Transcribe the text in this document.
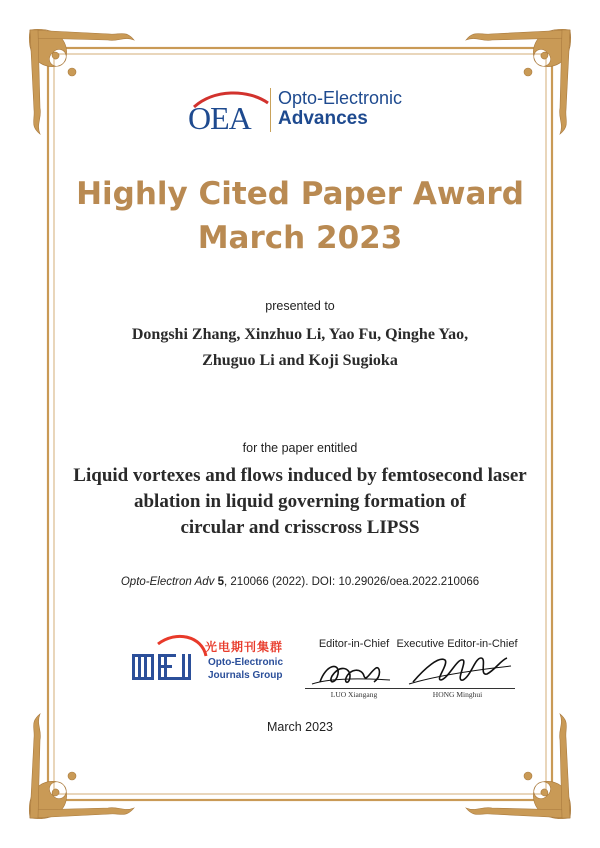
OEA
Opto-Electronic
Advances
Highly Cited Paper Award
March 2023
presented to
Dongshi Zhang, Xinzhuo Li, Yao Fu, Qinghe Yao,
Zhuguo Li and Koji Sugioka
for the paper entitled
Liquid vortexes and flows induced by femtosecond laser
ablation in liquid governing formation of
circular and crisscross LIPSS
Opto-Electron Adv 5, 210066 (2022). DOI: 10.29026/oea.2022.210066
光电期刊集群
Opto-Electronic
Journals Group
Editor-in-Chief Executive Editor-in-Chief
LUO Xiangang	HONG Minghui
March 2023
